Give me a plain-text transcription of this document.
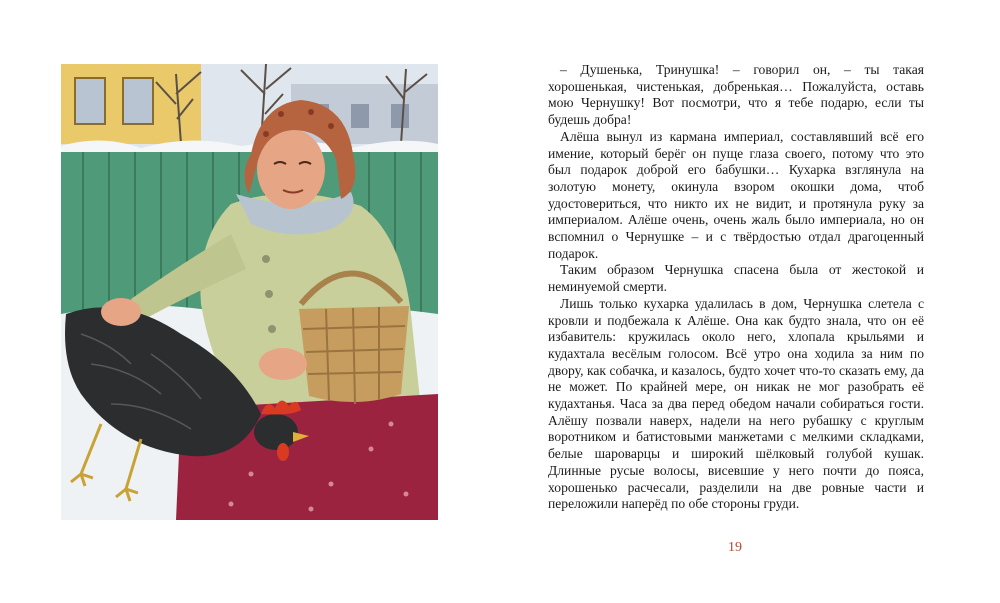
– Душенька, Тринушка! – говорил он, – ты такая хорошенькая, чистенькая, добренькая… Пожалуйста, оставь мою Чернушку! Вот посмотри, что я тебе подарю, если ты будешь добра!

Алёша вынул из кармана империал, составлявший всё его имение, который берёг он пуще глаза своего, потому что это был подарок доброй его бабушки… Кухарка взглянула на золотую монету, окинула взором окошки дома, чтоб удостовериться, что никто их не видит, и протянула руку за империалом. Алёше очень, очень жаль было империала, но он вспомнил о Чернушке – и с твёрдостью отдал драгоценный подарок.

Таким образом Чернушка спасена была от жестокой и неминуемой смерти.

Лишь только кухарка удалилась в дом, Чернушка слетела с кровли и подбежала к Алёше. Она как будто знала, что он её избавитель: кружилась около него, хлопала крыльями и кудахтала весёлым голосом. Всё утро она ходила за ним по двору, как собачка, и казалось, будто хочет что-то сказать ему, да не может. По крайней мере, он никак не мог разобрать её кудахтанья. Часа за два перед обедом начали собираться гости. Алёшу позвали наверх, надели на него рубашку с круглым воротником и батистовыми манжетами с мелкими складками, белые шароварцы и широкий шёлковый голубой кушак. Длинные русые волосы, висевшие у него почти до пояса, хорошенько расчесали, разделили на две ровные части и переложили наперёд по обе стороны груди.

19
